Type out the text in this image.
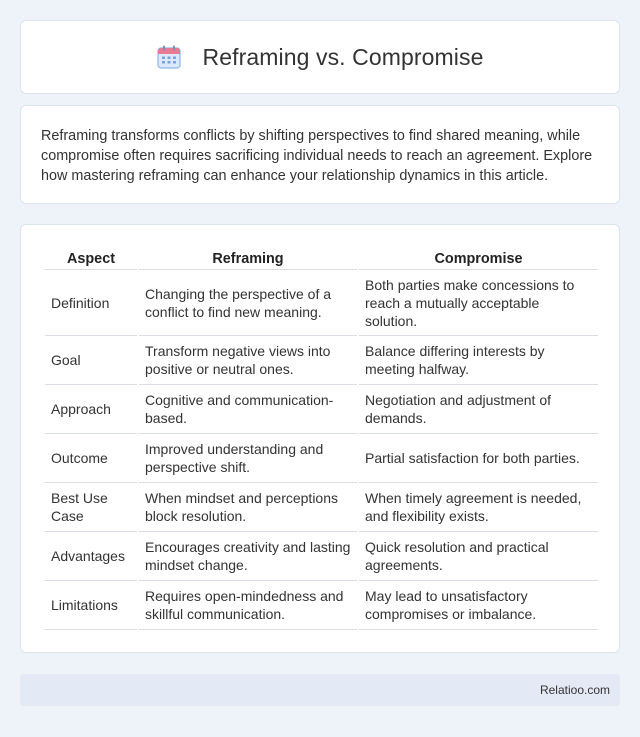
Reframing vs. Compromise

Reframing transforms conflicts by shifting perspectives to find shared meaning, while compromise often requires sacrificing individual needs to reach an agreement. Explore how mastering reframing can enhance your relationship dynamics in this article.

Aspect	Reframing	Compromise
Definition	Changing the perspective of a conflict to find new meaning.	Both parties make concessions to reach a mutually acceptable solution.
Goal	Transform negative views into positive or neutral ones.	Balance differing interests by meeting halfway.
Approach	Cognitive and communication-based.	Negotiation and adjustment of demands.
Outcome	Improved understanding and perspective shift.	Partial satisfaction for both parties.
Best Use Case	When mindset and perceptions block resolution.	When timely agreement is needed, and flexibility exists.
Advantages	Encourages creativity and lasting mindset change.	Quick resolution and practical agreements.
Limitations	Requires open-mindedness and skillful communication.	May lead to unsatisfactory compromises or imbalance.
Relatioo.com
